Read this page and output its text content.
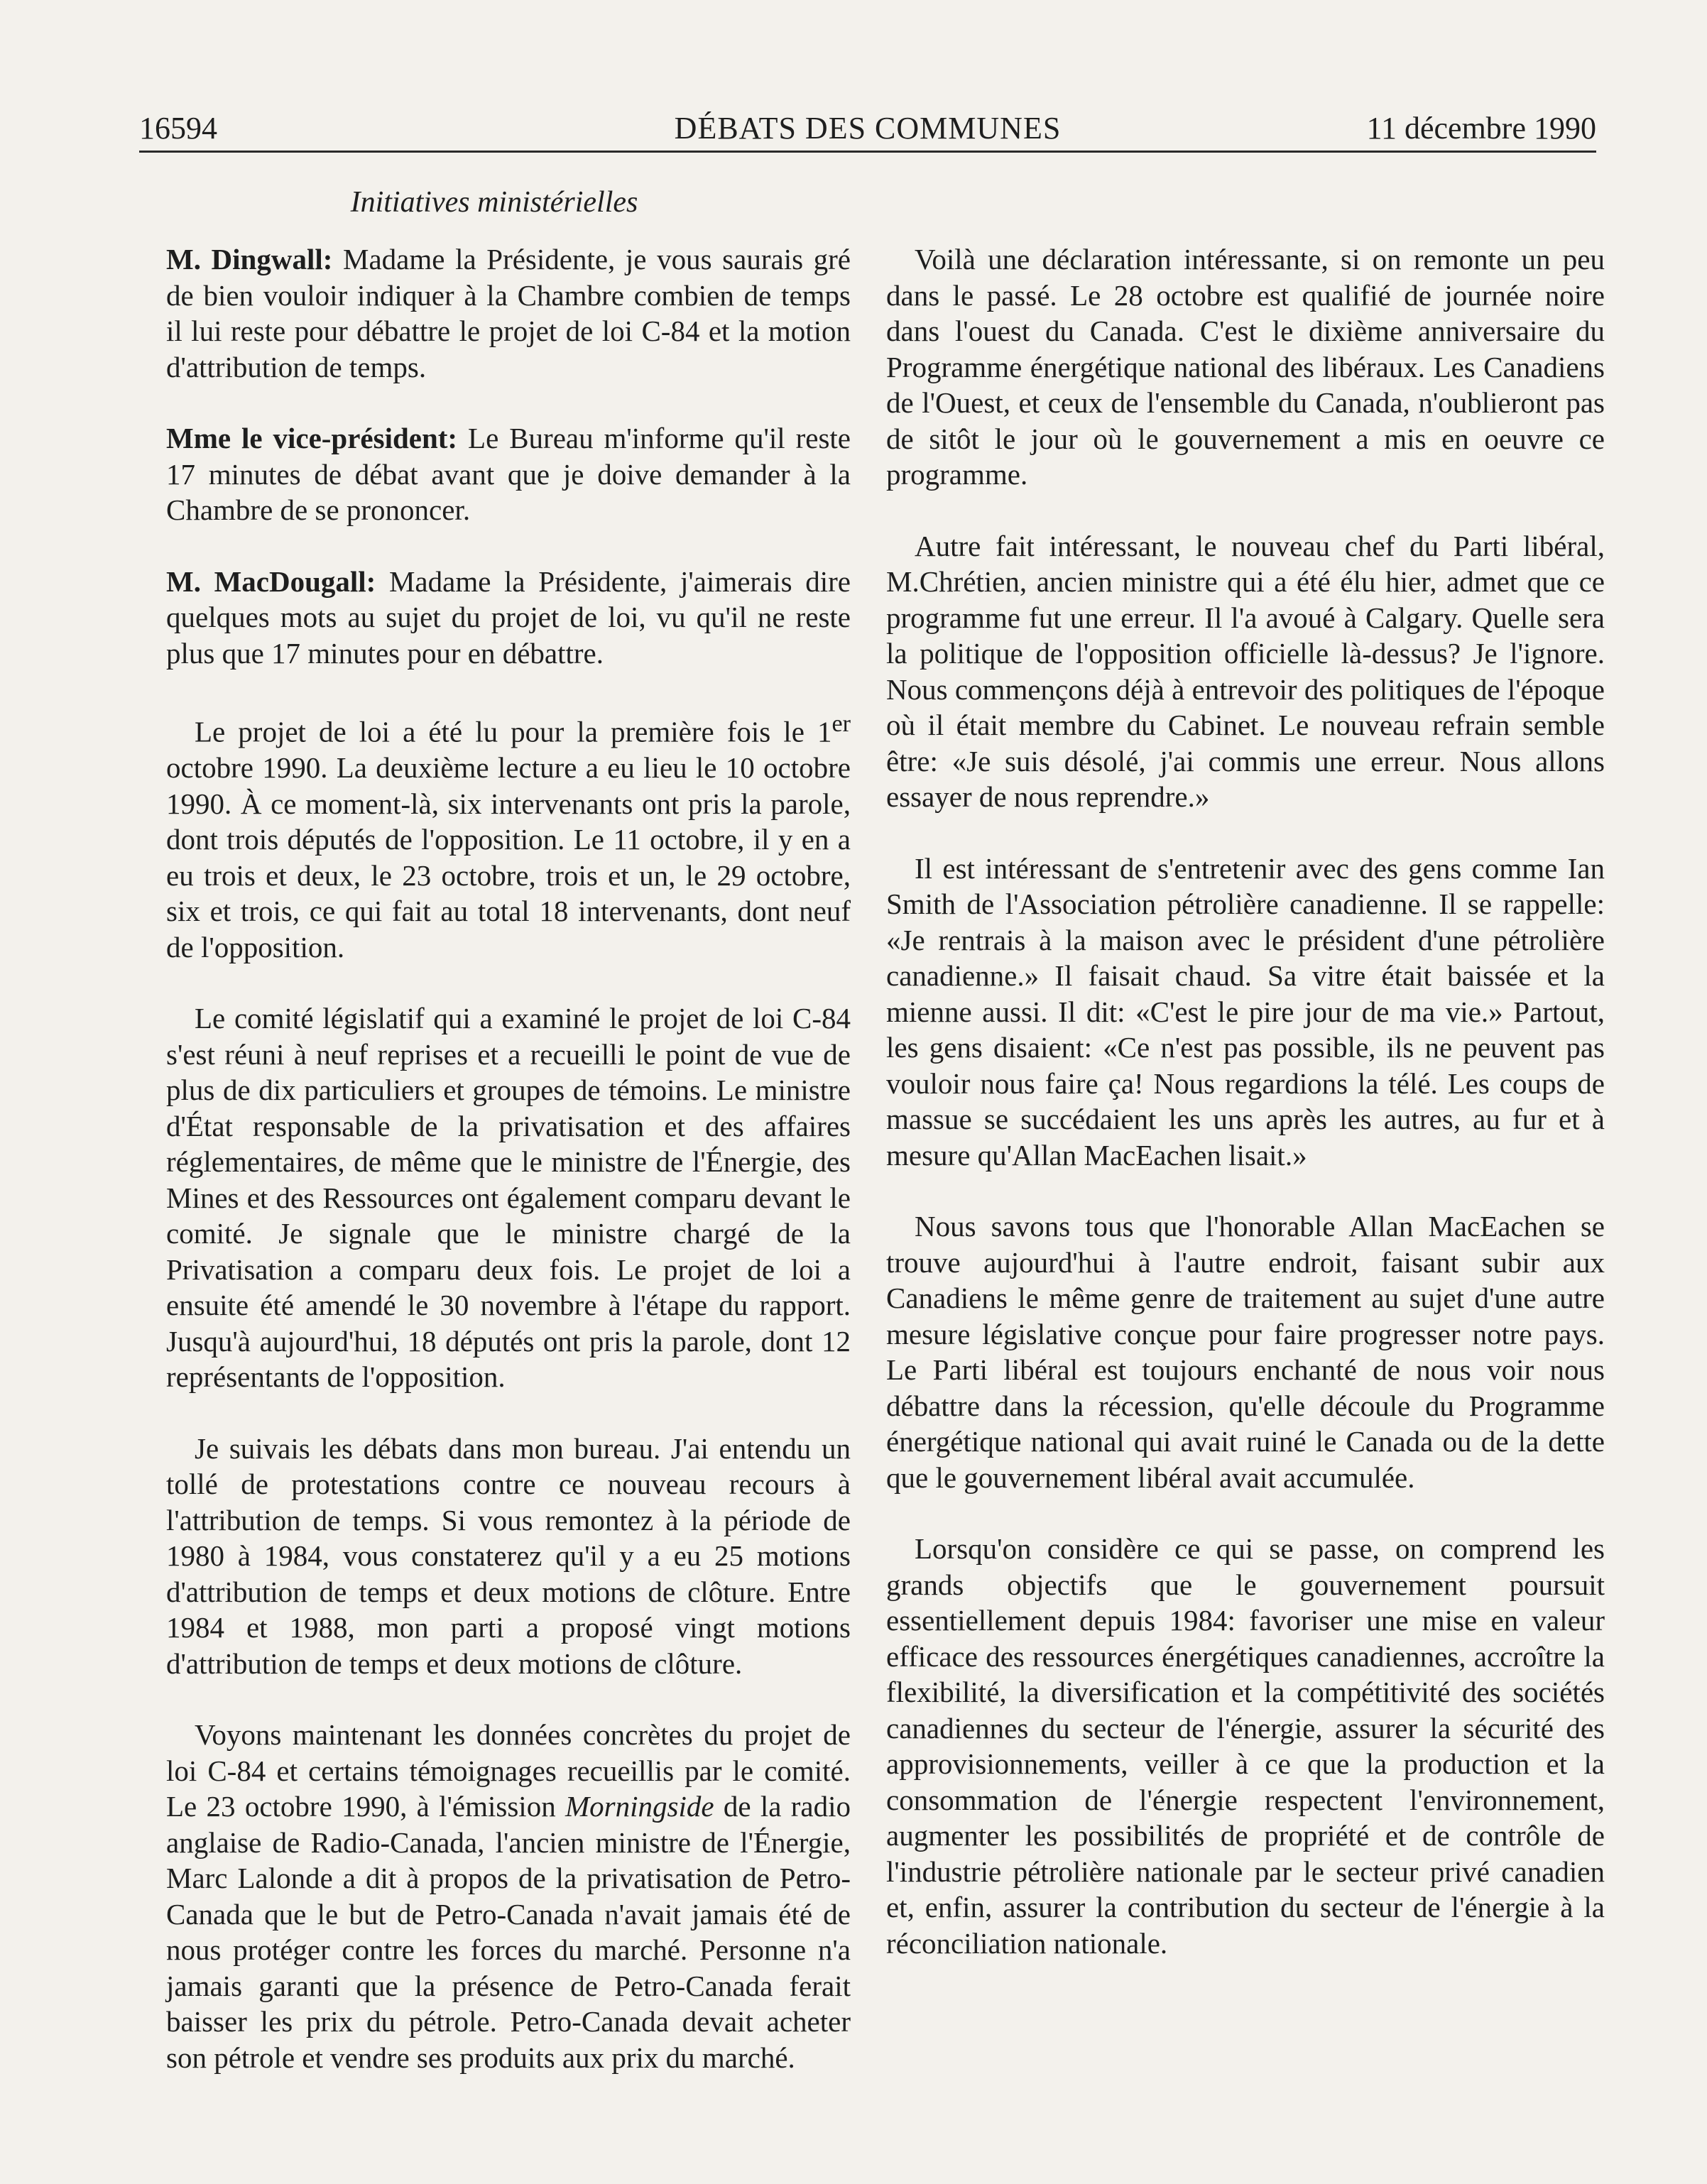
16594	DÉBATS DES COMMUNES	11 décembre 1990
Initiatives ministérielles

M. Dingwall: Madame la Présidente, je vous saurais gré de bien vouloir indiquer à la Chambre combien de temps il lui reste pour débattre le projet de loi C-84 et la motion d'attribution de temps.

Mme le vice-président: Le Bureau m'informe qu'il reste 17 minutes de débat avant que je doive demander à la Chambre de se prononcer.

M. MacDougall: Madame la Présidente, j'aimerais dire quelques mots au sujet du projet de loi, vu qu'il ne reste plus que 17 minutes pour en débattre.

Le projet de loi a été lu pour la première fois le 1er octobre 1990. La deuxième lecture a eu lieu le 10 octobre 1990. À ce moment-là, six intervenants ont pris la parole, dont trois députés de l'opposition. Le 11 octobre, il y en a eu trois et deux, le 23 octobre, trois et un, le 29 octobre, six et trois, ce qui fait au total 18 intervenants, dont neuf de l'opposition.

Le comité législatif qui a examiné le projet de loi C-84 s'est réuni à neuf reprises et a recueilli le point de vue de plus de dix particuliers et groupes de témoins. Le ministre d'État responsable de la privatisation et des affaires réglementaires, de même que le ministre de l'Énergie, des Mines et des Ressources ont également comparu devant le comité. Je signale que le ministre chargé de la Privatisation a comparu deux fois. Le projet de loi a ensuite été amendé le 30 novembre à l'étape du rapport. Jusqu'à aujourd'hui, 18 députés ont pris la parole, dont 12 représentants de l'opposition.

Je suivais les débats dans mon bureau. J'ai entendu un tollé de protestations contre ce nouveau recours à l'attribution de temps. Si vous remontez à la période de 1980 à 1984, vous constaterez qu'il y a eu 25 motions d'attribution de temps et deux motions de clôture. Entre 1984 et 1988, mon parti a proposé vingt motions d'attribution de temps et deux motions de clôture.

Voyons maintenant les données concrètes du projet de loi C-84 et certains témoignages recueillis par le comité. Le 23 octobre 1990, à l'émission Morningside de la radio anglaise de Radio-Canada, l'ancien ministre de l'Énergie, Marc Lalonde a dit à propos de la privatisation de Petro-Canada que le but de Petro-Canada n'avait jamais été de nous protéger contre les forces du marché. Personne n'a jamais garanti que la présence de Petro-Canada ferait baisser les prix du pétrole. Petro-Canada devait acheter son pétrole et vendre ses produits aux prix du marché.

Voilà une déclaration intéressante, si on remonte un peu dans le passé. Le 28 octobre est qualifié de journée noire dans l'ouest du Canada. C'est le dixième anniversaire du Programme énergétique national des libéraux. Les Canadiens de l'Ouest, et ceux de l'ensemble du Canada, n'oublieront pas de sitôt le jour où le gouvernement a mis en oeuvre ce programme.

Autre fait intéressant, le nouveau chef du Parti libéral, M.Chrétien, ancien ministre qui a été élu hier, admet que ce programme fut une erreur. Il l'a avoué à Calgary. Quelle sera la politique de l'opposition officielle là-dessus? Je l'ignore. Nous commençons déjà à entrevoir des politiques de l'époque où il était membre du Cabinet. Le nouveau refrain semble être: «Je suis désolé, j'ai commis une erreur. Nous allons essayer de nous reprendre.»

Il est intéressant de s'entretenir avec des gens comme Ian Smith de l'Association pétrolière canadienne. Il se rappelle: «Je rentrais à la maison avec le président d'une pétrolière canadienne.» Il faisait chaud. Sa vitre était baissée et la mienne aussi. Il dit: «C'est le pire jour de ma vie.» Partout, les gens disaient: «Ce n'est pas possible, ils ne peuvent pas vouloir nous faire ça! Nous regardions la télé. Les coups de massue se succédaient les uns après les autres, au fur et à mesure qu'Allan MacEachen lisait.»

Nous savons tous que l'honorable Allan MacEachen se trouve aujourd'hui à l'autre endroit, faisant subir aux Canadiens le même genre de traitement au sujet d'une autre mesure législative conçue pour faire progresser notre pays. Le Parti libéral est toujours enchanté de nous voir nous débattre dans la récession, qu'elle découle du Programme énergétique national qui avait ruiné le Canada ou de la dette que le gouvernement libéral avait accumulée.

Lorsqu'on considère ce qui se passe, on comprend les grands objectifs que le gouvernement poursuit essentiellement depuis 1984: favoriser une mise en valeur efficace des ressources énergétiques canadiennes, accroître la flexibilité, la diversification et la compétitivité des sociétés canadiennes du secteur de l'énergie, assurer la sécurité des approvisionnements, veiller à ce que la production et la consommation de l'énergie respectent l'environnement, augmenter les possibilités de propriété et de contrôle de l'industrie pétrolière nationale par le secteur privé canadien et, enfin, assurer la contribution du secteur de l'énergie à la réconciliation nationale.
